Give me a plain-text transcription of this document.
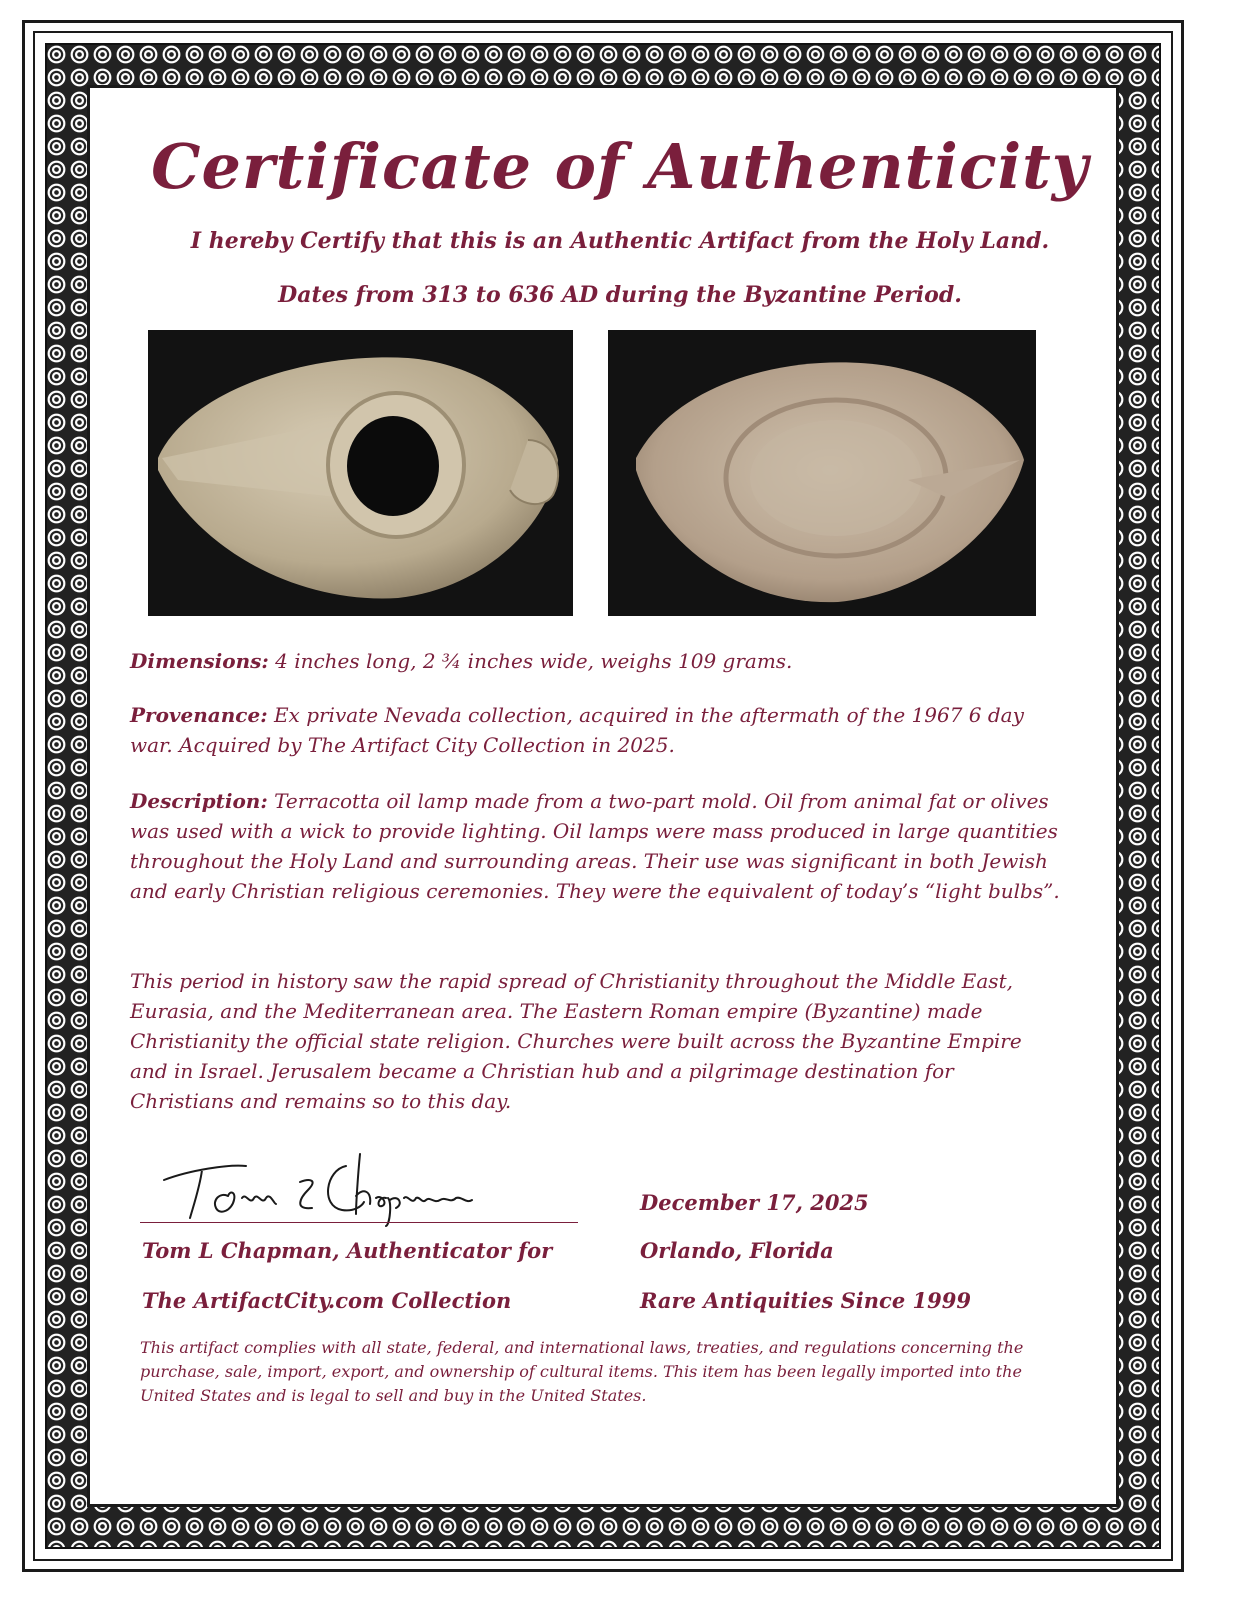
Certificate of Authenticity
I hereby Certify that this is an Authentic Artifact from the Holy Land.
Dates from 313 to 636 AD during the Byzantine Period.
Dimensions: 4 inches long, 2 ¾ inches wide, weighs 109 grams.
Provenance: Ex private Nevada collection, acquired in the aftermath of the 1967 6 day war. Acquired by The Artifact City Collection in 2025.
Description: Terracotta oil lamp made from a two-part mold. Oil from animal fat or olives was used with a wick to provide lighting. Oil lamps were mass produced in large quantities throughout the Holy Land and surrounding areas. Their use was significant in both Jewish and early Christian religious ceremonies. They were the equivalent of today’s “light bulbs”.
This period in history saw the rapid spread of Christianity throughout the Middle East, Eurasia, and the Mediterranean area. The Eastern Roman empire (Byzantine) made Christianity the official state religion. Churches were built across the Byzantine Empire and in Israel. Jerusalem became a Christian hub and a pilgrimage destination for Christians and remains so to this day.
Tom L Chapman, Authenticator for
The ArtifactCity.com Collection
December 17, 2025
Orlando, Florida
Rare Antiquities Since 1999
This artifact complies with all state, federal, and international laws, treaties, and regulations concerning the purchase, sale, import, export, and ownership of cultural items. This item has been legally imported into the United States and is legal to sell and buy in the United States.
